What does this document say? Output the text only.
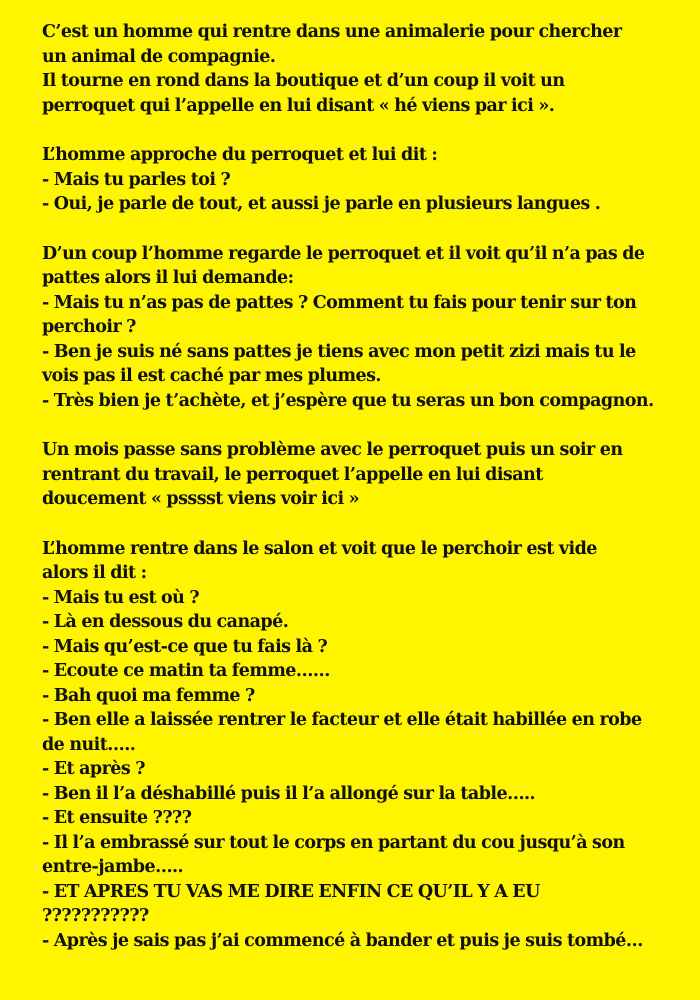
C’est un homme qui rentre dans une animalerie pour chercher
un animal de compagnie.
Il tourne en rond dans la boutique et d’un coup il voit un
perroquet qui l’appelle en lui disant « hé viens par ici ».
L’homme approche du perroquet et lui dit :
- Mais tu parles toi ?
- Oui, je parle de tout, et aussi je parle en plusieurs langues .
D’un coup l’homme regarde le perroquet et il voit qu’il n’a pas de
pattes alors il lui demande:
- Mais tu n’as pas de pattes ? Comment tu fais pour tenir sur ton
perchoir ?
- Ben je suis né sans pattes je tiens avec mon petit zizi mais tu le
vois pas il est caché par mes plumes.
- Très bien je t’achète, et j’espère que tu seras un bon compagnon.
Un mois passe sans problème avec le perroquet puis un soir en
rentrant du travail, le perroquet l’appelle en lui disant
doucement « psssst viens voir ici »
L’homme rentre dans le salon et voit que le perchoir est vide
alors il dit :
- Mais tu est où ?
- Là en dessous du canapé.
- Mais qu’est-ce que tu fais là ?
- Ecoute ce matin ta femme……
- Bah quoi ma femme ?
- Ben elle a laissée rentrer le facteur et elle était habillée en robe
de nuit…..
- Et après ?
- Ben il l’a déshabillé puis il l’a allongé sur la table…..
- Et ensuite ????
- Il l’a embrassé sur tout le corps en partant du cou jusqu’à son
entre-jambe…..
- ET APRES TU VAS ME DIRE ENFIN CE QU’IL Y A EU
???????????
- Après je sais pas j’ai commencé à bander et puis je suis tombé…
